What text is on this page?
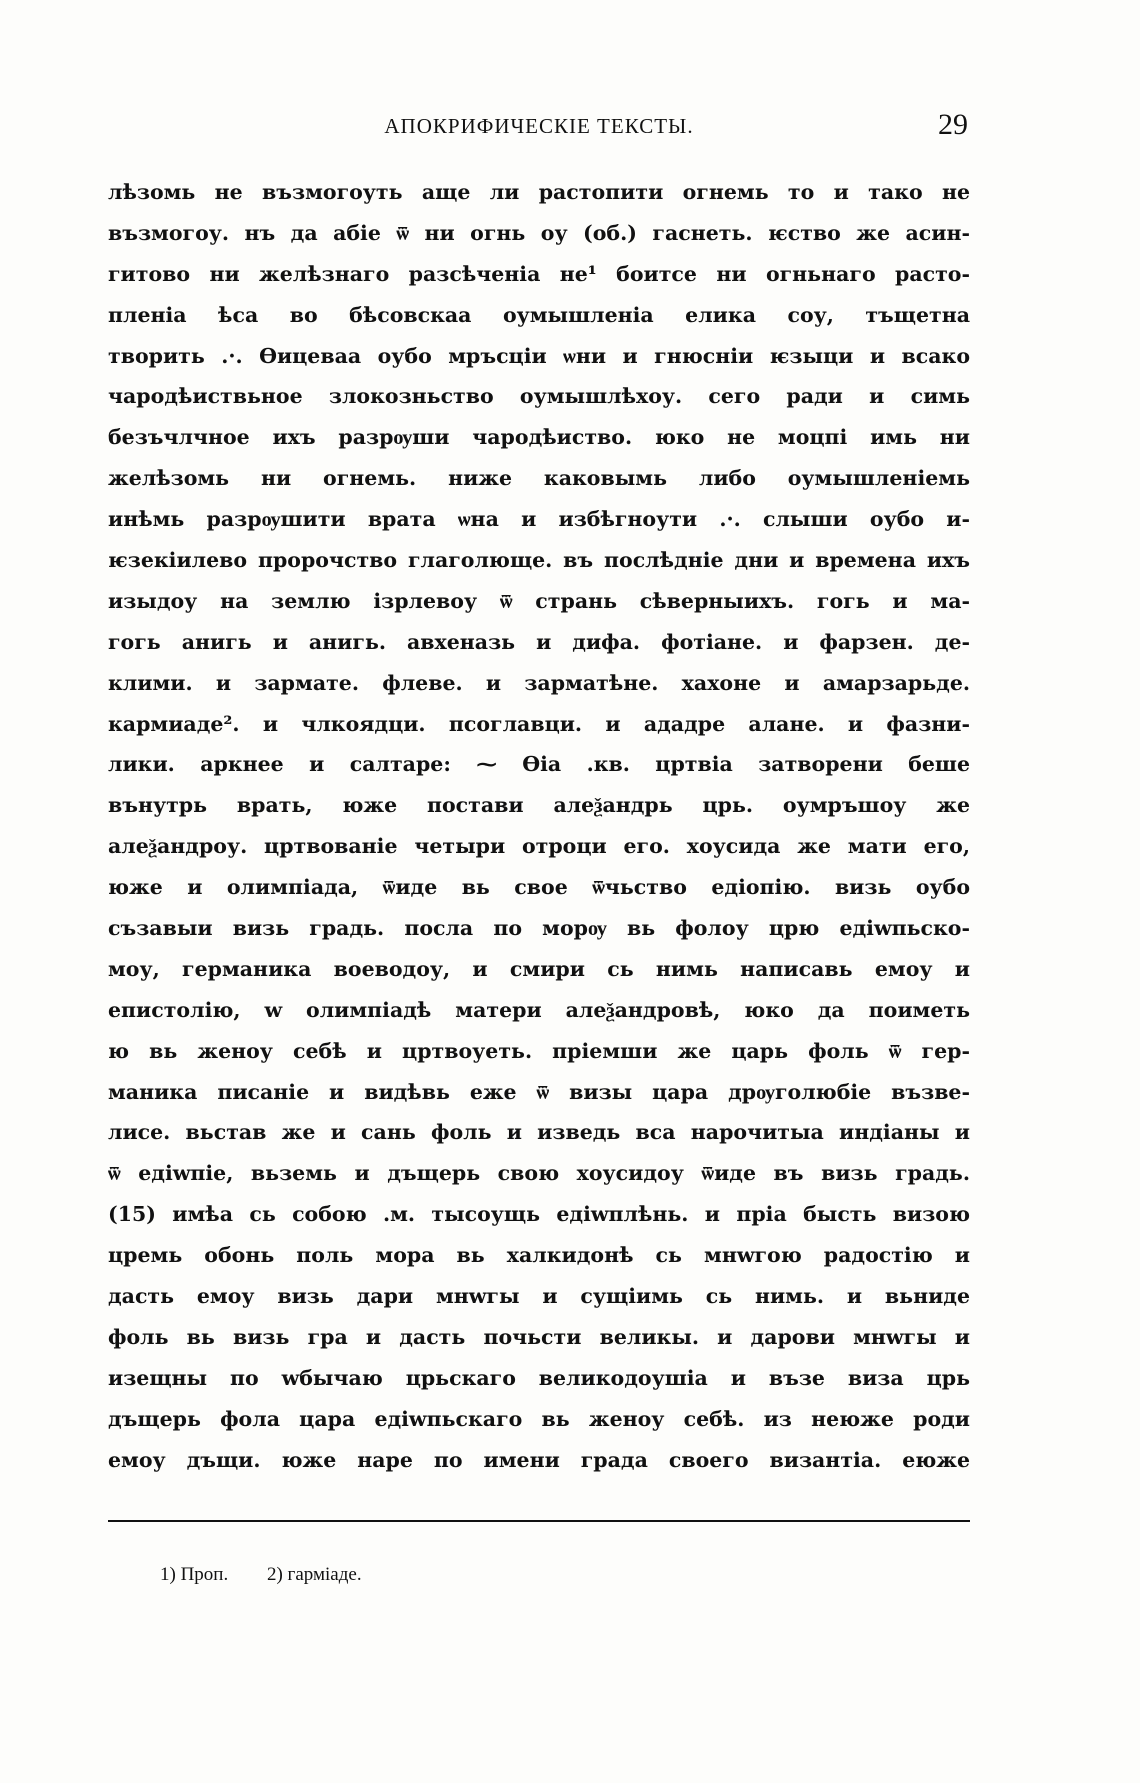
АПОКРИФИЧЕСКІЕ ТЕКСТЫ.	29
лѣзомь не възмогоуть аще ли растопити огнемь то и тако не
възмогоу. нъ да абіе ѿ ни огнь оу (об.) гаснеть. ѥство же асин-
гитово ни желѣзнаго разсѣченіа не¹ боитсе ни огньнаго расто-
пленіа ѣса во бѣсовскаа оумышленіа елика соу, тъщетна
творить .·. Ѳицеваа оубо мръсціи ѡни и гнюсніи ѥзыци и всако
чародѣиствьное злокозньство оумышлѣхоу. сего ради и симь
безъчлчное ихъ разрѹши чародѣиство. юко не моцпі имь ни
желѣзомь ни огнемь. ниже каковымь либо оумышленіемь
инѣмь разрѹшити врата ѡна и избѣгноути .·. слыши оубо и-
ѥзекіилево пророчство глаголюще. въ послѣдніе дни и времена ихъ
изыдоу на землю ізрлевоу ѿ странь сѣверныихъ. гогь и ма-
гогь анигь и анигь. авхеназь и дифа. фотіане. и фарзен. де-
клими. и зармате. флеве. и зарматѣне. хахоне и амарзарьде.
кармиаде². и члкоядци. псоглавци. и ададре алане. и фазни-
лики. аркнее и салтаре: ⁓ Ѳіа .кв. цртвіа затворени беше
вънутрь врать, юже постави алеѯандрь црь. оумръшоу же
алеѯандроу. цртвованіе четыри отроци его. хоусида же мати его,
юже и олимпіада, ѿиде вь свое ѿчьство едіопію. визь оубо
съзавыи визь градь. посла по морѹ вь фолоу црю едіwпьско-
моу, германика воеводоу, и смири сь нимь написавь емоу и
епистолію, w олимпіадѣ матери алеѯандровѣ, юко да поиметь
ю вь женоу себѣ и цртвоуеть. пріемши же царь фоль ѿ гер-
маника писаніе и видѣвь еже ѿ визы цара дрѹголюбіе възве-
лисе. вьстав же и сань фоль и изведь вса нарочитыа индіаны и
ѿ едіwпіе, вьземь и дъщерь свою хоусидоу ѿиде въ визь градь.
(15) имѣа сь собою .м. тысоущь едіwплѣнь. и пріа бысть визою
цремь обонь поль мора вь халкидонѣ сь мнwгою радостію и
дасть емоу визь дари мнwгы и сущіимь сь нимь. и вьниде
фоль вь визь гра и дасть почьсти великы. и дарови мнwгы и
изещны по wбычаю црьскаго великодоушіа и възе виза црь
дъщерь фола цара едіwпьскаго вь женоу себѣ. из неюже роди
емоу дъщи. юже наре по имени града своего византіа. еюже
1) Проп. 2) гарміаде.
